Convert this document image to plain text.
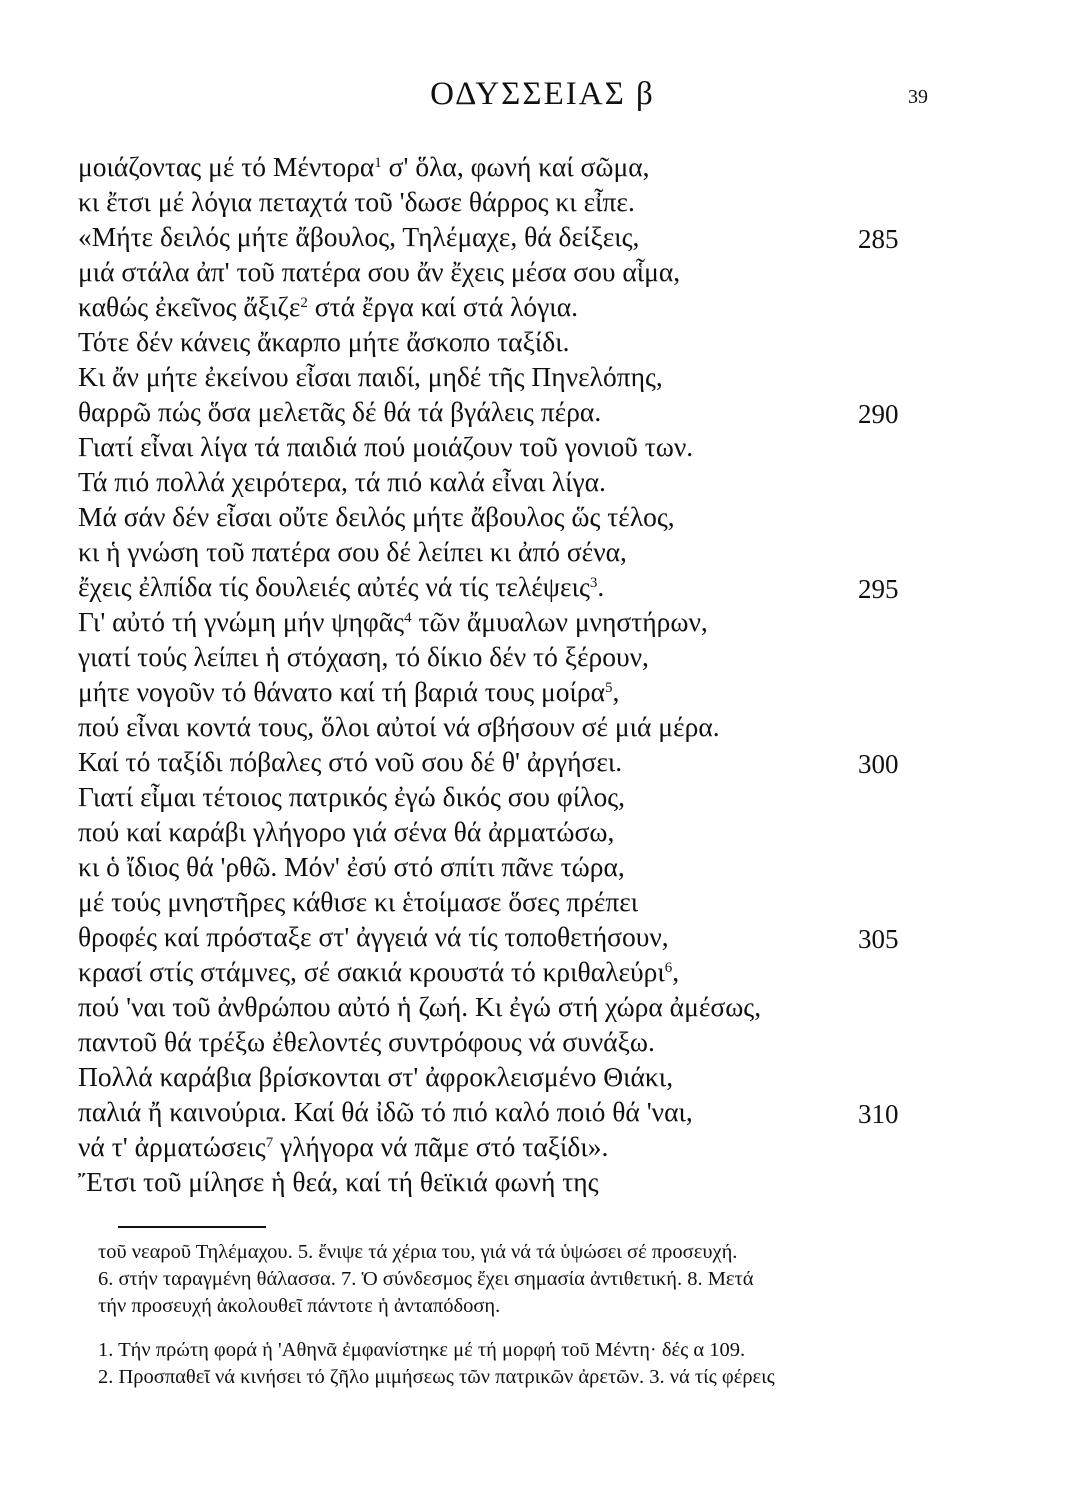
ΟΔΥΣΣΕΙΑΣ β	39
μοιάζοντας μέ τό Μέντορα$^1$ σ' ὅλα, φωνή καί σῶμα,
κι ἔτσι μέ λόγια πεταχτά τοῦ 'δωσε θάρρος κι εἶπε.
«Μήτε δειλός μήτε ἄβουλος, Τηλέμαχε, θά δείξεις,	285
μιά στάλα ἀπ' τοῦ πατέρα σου ἄν ἔχεις μέσα σου αἷμα,
καθώς ἐκεῖνος ἄξιζε$^2$ στά ἔργα καί στά λόγια.
Τότε δέν κάνεις ἄκαρπο μήτε ἄσκοπο ταξίδι.
Κι ἄν μήτε ἐκείνου εἶσαι παιδί, μηδέ τῆς Πηνελόπης,
θαρρῶ πώς ὅσα μελετᾶς δέ θά τά βγάλεις πέρα.	290
Γιατί εἶναι λίγα τά παιδιά πού μοιάζουν τοῦ γονιοῦ των.
Τά πιό πολλά χειρότερα, τά πιό καλά εἶναι λίγα.
Μά σάν δέν εἶσαι οὔτε δειλός μήτε ἄβουλος ὥς τέλος,
κι ἡ γνώση τοῦ πατέρα σου δέ λείπει κι ἀπό σένα,
ἔχεις ἐλπίδα τίς δουλειές αὐτές νά τίς τελέψεις$^3$.	295
Γι' αὐτό τή γνώμη μήν ψηφᾶς$^4$ τῶν ἄμυαλων μνηστήρων,
γιατί τούς λείπει ἡ στόχαση, τό δίκιο δέν τό ξέρουν,
μήτε νογοῦν τό θάνατο καί τή βαριά τους μοίρα$^5$,
πού εἶναι κοντά τους, ὅλοι αὐτοί νά σβήσουν σέ μιά μέρα.
Καί τό ταξίδι πόβαλες στό νοῦ σου δέ θ' ἀργήσει.	300
Γιατί εἶμαι τέτοιος πατρικός ἐγώ δικός σου φίλος,
πού καί καράβι γλήγορο γιά σένα θά ἀρματώσω,
κι ὁ ἴδιος θά 'ρθῶ. Μόν' ἐσύ στό σπίτι πᾶνε τώρα,
μέ τούς μνηστῆρες κάθισε κι ἑτοίμασε ὅσες πρέπει
θροφές καί πρόσταξε στ' ἀγγειά νά τίς τοποθετήσουν,	305
κρασί στίς στάμνες, σέ σακιά κρουστά τό κριθαλεύρι$^6$,
πού 'ναι τοῦ ἀνθρώπου αὐτό ἡ ζωή. Κι ἐγώ στή χώρα ἀμέσως,
παντοῦ θά τρέξω ἐθελοντές συντρόφους νά συνάξω.
Πολλά καράβια βρίσκονται στ' ἀφροκλεισμένο Θιάκι,
παλιά ἤ καινούρια. Καί θά ἰδῶ τό πιό καλό ποιό θά 'ναι,	310
νά τ' ἀρματώσεις$^7$ γλήγορα νά πᾶμε στό ταξίδι».
Ἔτσι τοῦ μίλησε ἡ θεά, καί τή θεϊκιά φωνή της
τοῦ νεαροῦ Τηλέμαχου. 5. ἔνιψε τά χέρια του, γιά νά τά ὑψώσει σέ προσευχή.
6. στήν ταραγμένη θάλασσα. 7. Ὁ σύνδεσμος ἔχει σημασία ἀντιθετική. 8. Μετά
τήν προσευχή ἀκολουθεῖ πάντοτε ἡ ἀνταπόδοση.
1. Τήν πρώτη φορά ἡ 'Αθηνᾶ ἐμφανίστηκε μέ τή μορφή τοῦ Μέντη· δές α 109.
2. Προσπαθεῖ νά κινήσει τό ζῆλο μιμήσεως τῶν πατρικῶν ἀρετῶν. 3. νά τίς φέρεις
